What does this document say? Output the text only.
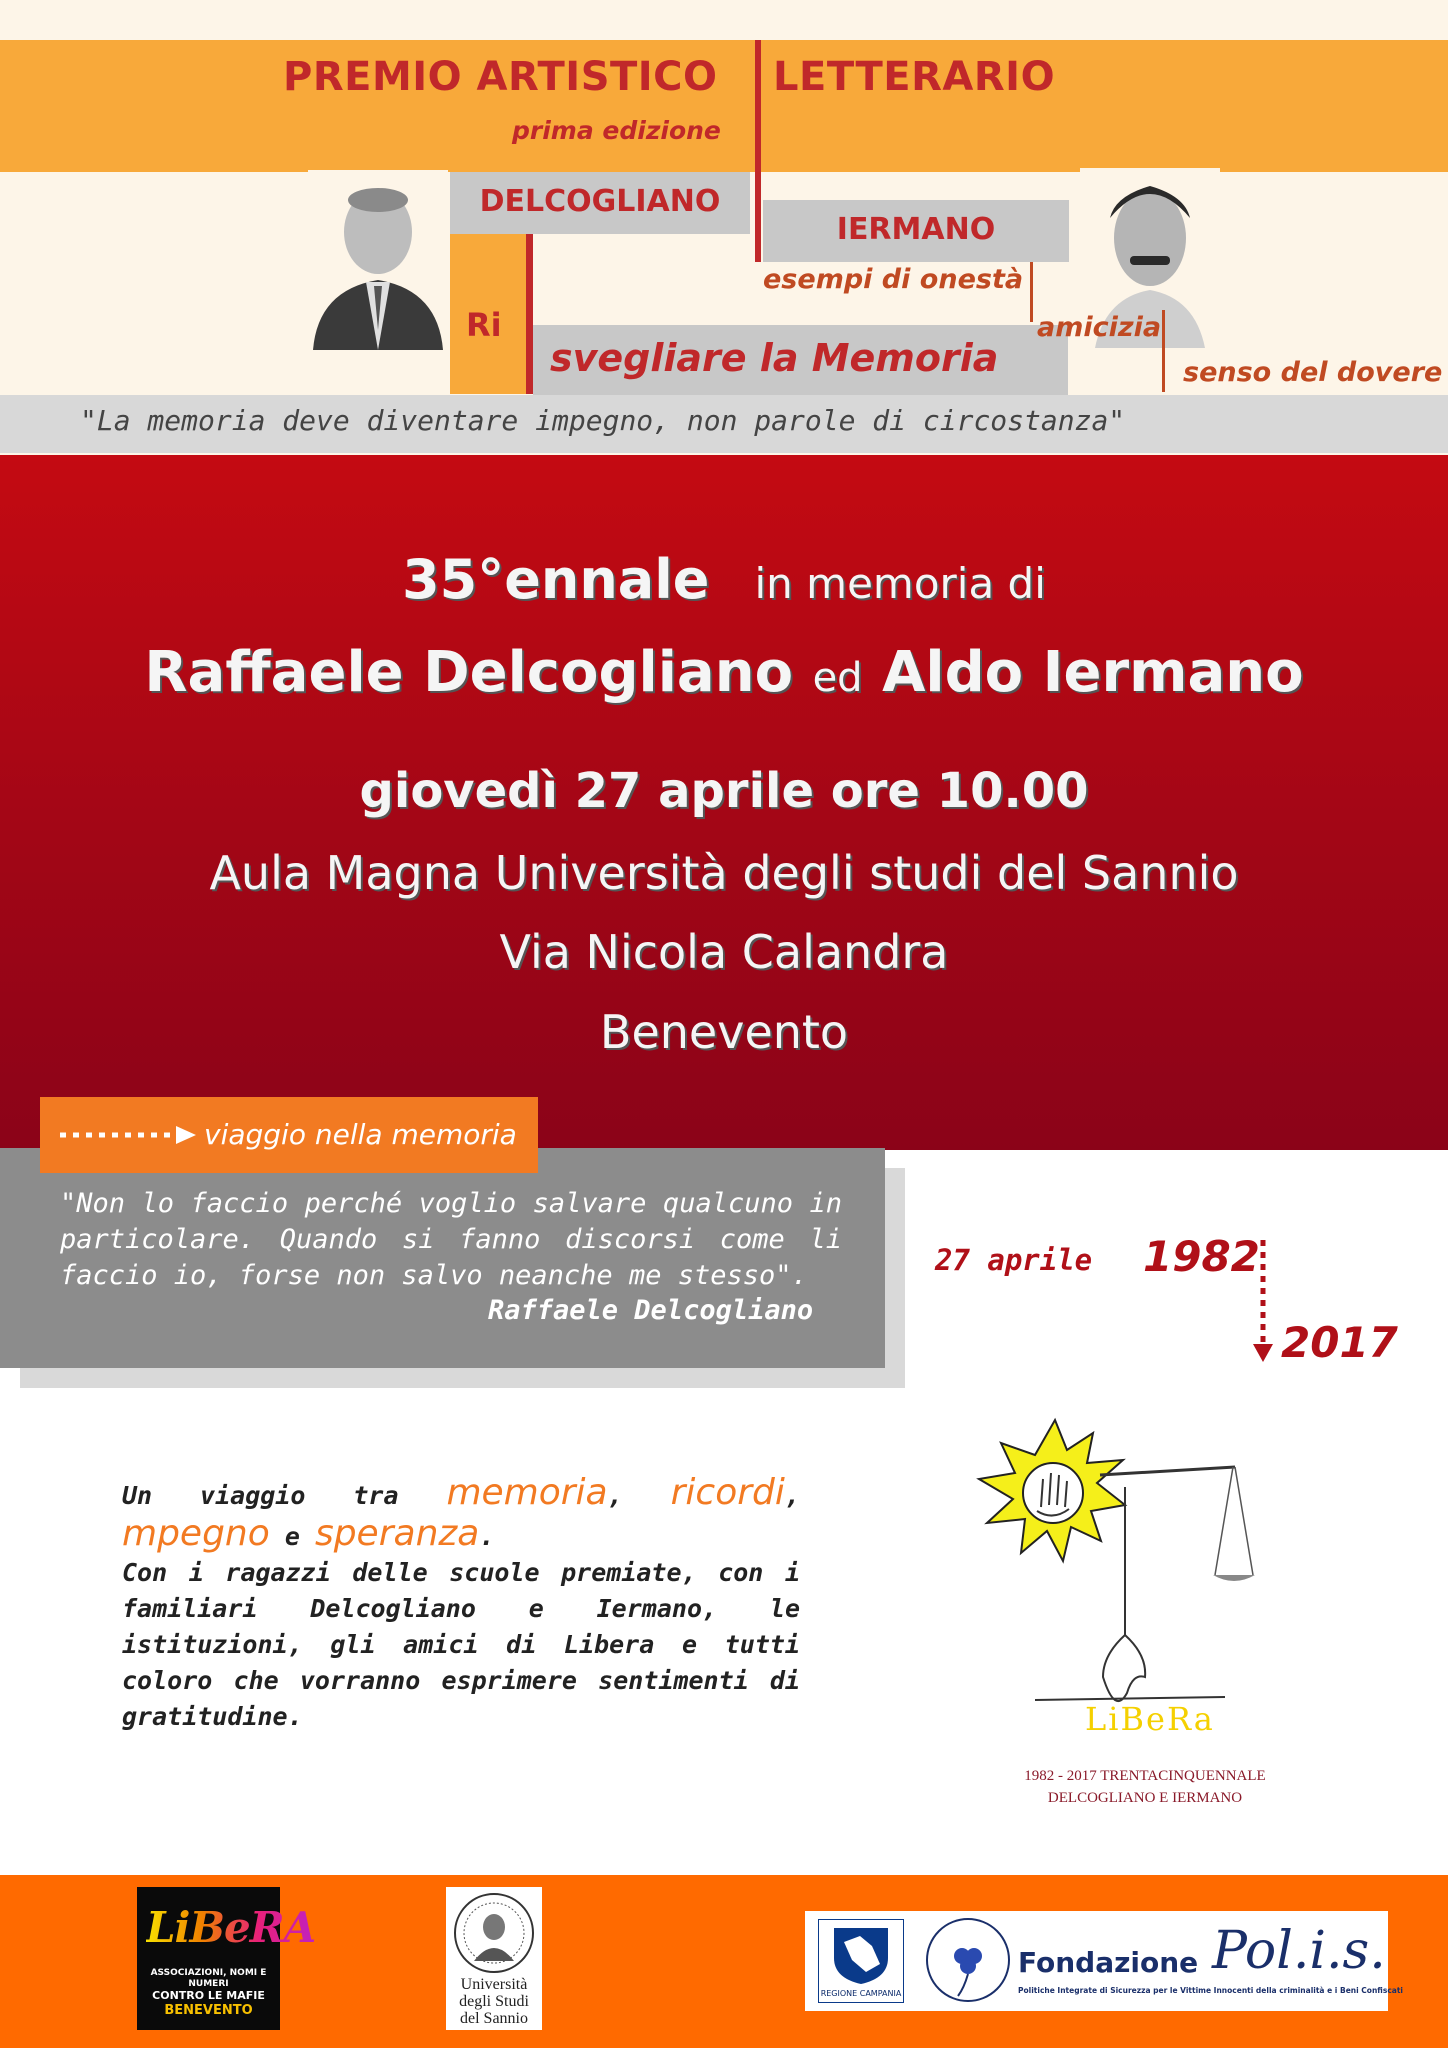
PREMIO ARTISTICO LETTERARIO
prima edizione
DELCOGLIANO
IERMANO
Ri
svegliare la Memoria
esempi di onestà
amicizia
senso del dovere
"La memoria deve diventare impegno, non parole di circostanza"
35°ennale in memoria di
Raffaele Delcogliano ed Aldo Iermano
giovedì 27 aprile ore 10.00
Aula Magna Università degli studi del Sannio
Via Nicola Calandra
Benevento
viaggio nella memoria
"Non lo faccio perché voglio salvare qualcuno in particolare. Quando si fanno discorsi come li faccio io, forse non salvo neanche me stesso".
Raffaele Delcogliano
27 aprile 1982
2017
Un viaggio tra memoria, ricordi,
mpegno e speranza.
Con i ragazzi delle scuole premiate, con i familiari Delcogliano e Iermano, le istituzioni, gli amici di Libera e tutti coloro che vorranno esprimere sentimenti di gratitudine.	LiBeRa
1982 - 2017 TRENTACINQUENNALE
DELCOGLIANO E IERMANO
LiBeRA
ASSOCIAZIONI, NOMI E NUMERI
CONTRO LE MAFIE
BENEVENTO
Università
degli Studi
del Sannio
REGIONE CAMPANIA
Fondazione Pol.i.s.
Politiche Integrate di Sicurezza per le Vittime Innocenti della criminalità e i Beni Confiscati
